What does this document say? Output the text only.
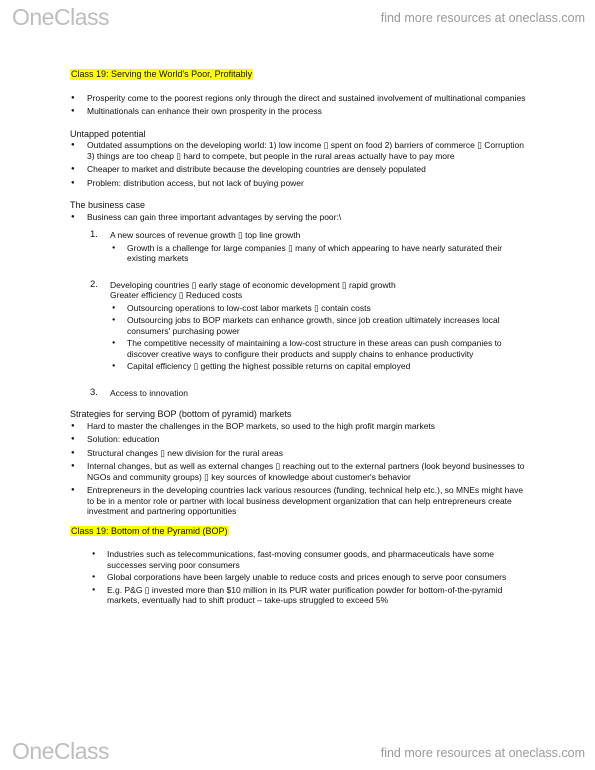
OneClass	find more resources at oneclass.com
Class 19: Serving the World's Poor, Profitably
● Prosperity come to the poorest regions only through the direct and sustained involvement of multinational companies
● Multinationals can enhance their own prosperity in the process
Untapped potential
● Outdated assumptions on the developing world: 1) low income ▯ spent on food 2) barriers of commerce ▯ Corruption 3) things are too cheap ▯ hard to compete, but people in the rural areas actually have to pay more
● Cheaper to market and distribute because the developing countries are densely populated
● Problem: distribution access, but not lack of buying power
The business case
● Business can gain three important advantages by serving the poor:\
1. A new sources of revenue growth ▯ top line growth
● Growth is a challenge for large companies ▯ many of which appearing to have nearly saturated their existing markets
2. Developing countries ▯ early stage of economic development ▯ rapid growth
Greater efficiency ▯ Reduced costs
● Outsourcing operations to low-cost labor markets ▯ contain costs
● Outsourcing jobs to BOP markets can enhance growth, since job creation ultimately increases local consumers' purchasing power
● The competitive necessity of maintaining a low-cost structure in these areas can push companies to discover creative ways to configure their products and supply chains to enhance productivity
● Capital efficiency ▯ getting the highest possible returns on capital employed
3. Access to innovation
Strategies for serving BOP (bottom of pyramid) markets
● Hard to master the challenges in the BOP markets, so used to the high profit margin markets
● Solution: education
● Structural changes ▯ new division for the rural areas
● Internal changes, but as well as external changes ▯ reaching out to the external partners (look beyond businesses to NGOs and community groups) ▯ key sources of knowledge about customer's behavior
● Entrepreneurs in the developing countries lack various resources (funding, technical help etc.), so MNEs might have to be in a mentor role or partner with local business development organization that can help entrepreneurs create investment and partnering opportunities
Class 19: Bottom of the Pyramid (BOP)
● Industries such as telecommunications, fast-moving consumer goods, and pharmaceuticals have some successes serving poor consumers
● Global corporations have been largely unable to reduce costs and prices enough to serve poor consumers
● E.g. P&G ▯ invested more than $10 million in its PUR water purification powder for bottom-of-the-pyramid markets, eventually had to shift product – take-ups struggled to exceed 5%
OneClass	find more resources at oneclass.com
